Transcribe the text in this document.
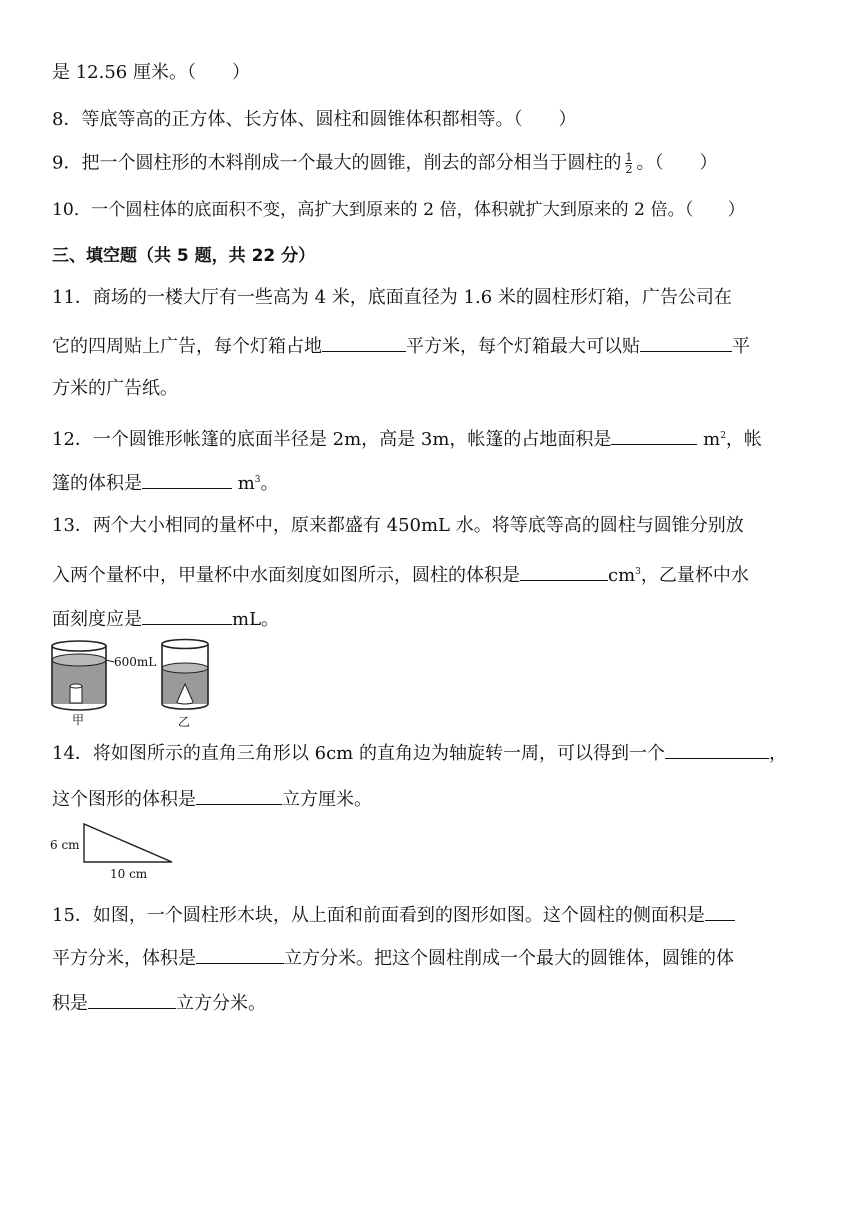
是 12.56 厘米。（　　）
8．等底等高的正方体、长方体、圆柱和圆锥体积都相等。（　　）
9．把一个圆柱形的木料削成一个最大的圆锥，削去的部分相当于圆柱的 $\frac{1}{2}$ 。（　　）
10．一个圆柱体的底面积不变，高扩大到原来的 2 倍，体积就扩大到原来的 2 倍。（　　）
三、填空题（共 5 题，共 22 分）
11．商场的一楼大厅有一些高为 4 米，底面直径为 1.6 米的圆柱形灯箱，广告公司在
它的四周贴上广告，每个灯箱占地	平方米，每个灯箱最大可以贴	平
方米的广告纸。
12．一个圆锥形帐篷的底面半径是 2m，高是 3m，帐篷的占地面积是	$m^2$，帐
篷的体积是	$m^3$。
13．两个大小相同的量杯中，原来都盛有 450mL 水。将等底等高的圆柱与圆锥分别放
入两个量杯中，甲量杯中水面刻度如图所示，圆柱的体积是	$cm^3$，乙量杯中水
面刻度应是	mL。
600mL
甲	乙
14．将如图所示的直角三角形以 6cm 的直角边为轴旋转一周，可以得到一个	，
这个图形的体积是	立方厘米。
6 cm
10 cm
15．如图，一个圆柱形木块，从上面和前面看到的图形如图。这个圆柱的侧面积是
平方分米，体积是	立方分米。把这个圆柱削成一个最大的圆锥体，圆锥的体
积是	立方分米。
